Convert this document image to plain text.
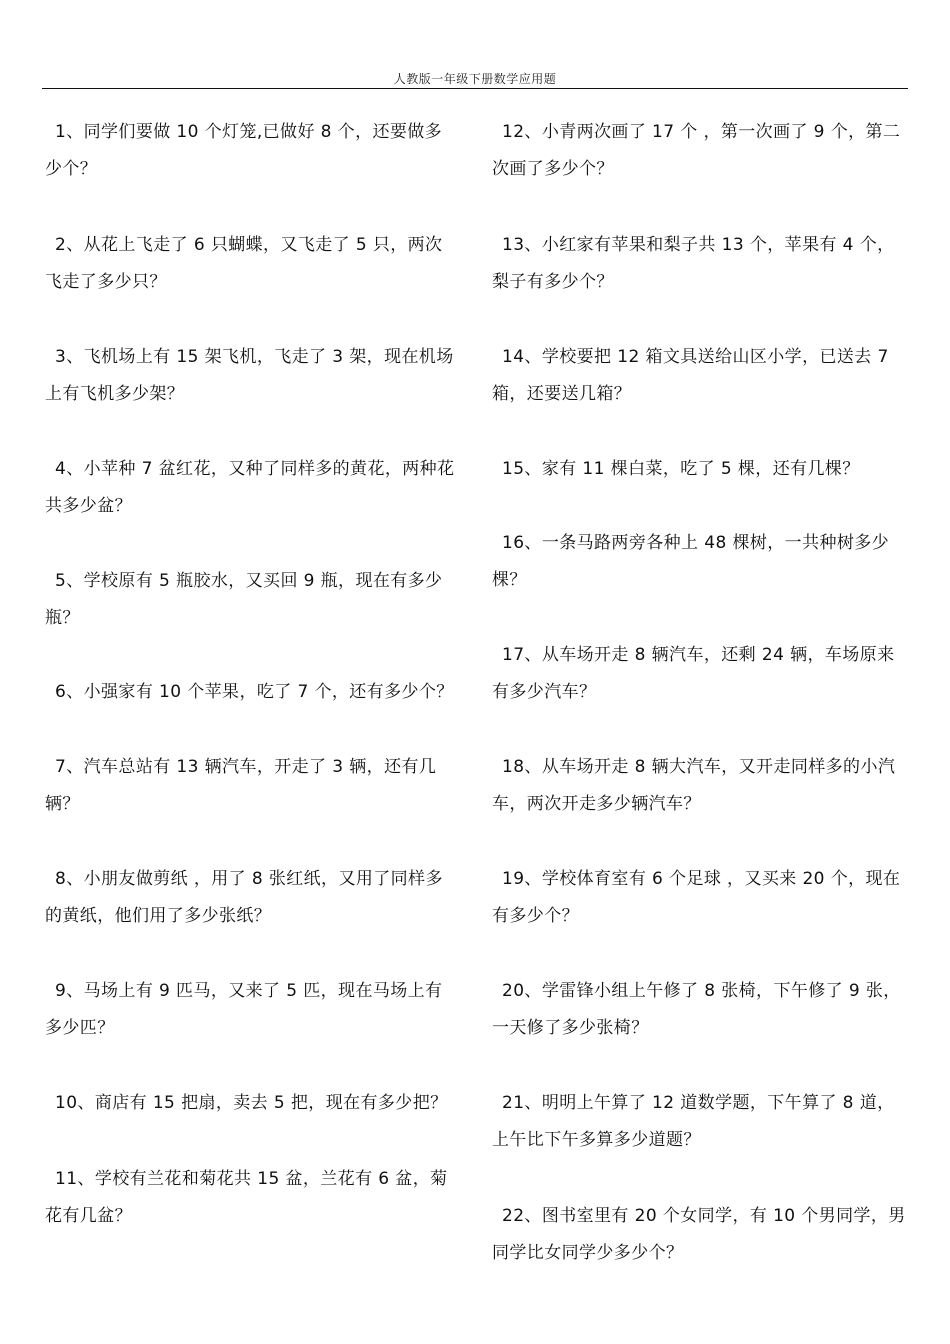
人教版一年级下册数学应用题
1、同学们要做 10 个灯笼,已做好 8 个，还要做多少个？
2、从花上飞走了 6 只蝴蝶，又飞走了 5 只，两次飞走了多少只？
3、飞机场上有 15 架飞机，飞走了 3 架，现在机场上有飞机多少架？
4、小苹种 7 盆红花，又种了同样多的黄花，两种花共多少盆？
5、学校原有 5 瓶胶水，又买回 9 瓶，现在有多少瓶？
6、小强家有 10 个苹果，吃了 7 个，还有多少个？
7、汽车总站有 13 辆汽车，开走了 3 辆，还有几辆？
8、小朋友做剪纸 ，用了 8 张红纸，又用了同样多的黄纸，他们用了多少张纸？
9、马场上有 9 匹马，又来了 5 匹，现在马场上有多少匹？
10、商店有 15 把扇，卖去 5 把，现在有多少把？
11、学校有兰花和菊花共 15 盆，兰花有 6 盆，菊花有几盆？
12、小青两次画了 17 个 ，第一次画了 9 个，第二次画了多少个？
13、小红家有苹果和梨子共 13 个，苹果有 4 个，梨子有多少个？
14、学校要把 12 箱文具送给山区小学，已送去 7 箱，还要送几箱？
15、家有 11 棵白菜，吃了 5 棵，还有几棵？
16、一条马路两旁各种上 48 棵树，一共种树多少棵？
17、从车场开走 8 辆汽车，还剩 24 辆，车场原来有多少汽车？
18、从车场开走 8 辆大汽车，又开走同样多的小汽车，两次开走多少辆汽车？
19、学校体育室有 6 个足球 ，又买来 20 个，现在有多少个？
20、学雷锋小组上午修了 8 张椅，下午修了 9 张，一天修了多少张椅？
21、明明上午算了 12 道数学题，下午算了 8 道，上午比下午多算多少道题？
22、图书室里有 20 个女同学，有 10 个男同学，男同学比女同学少多少个？
